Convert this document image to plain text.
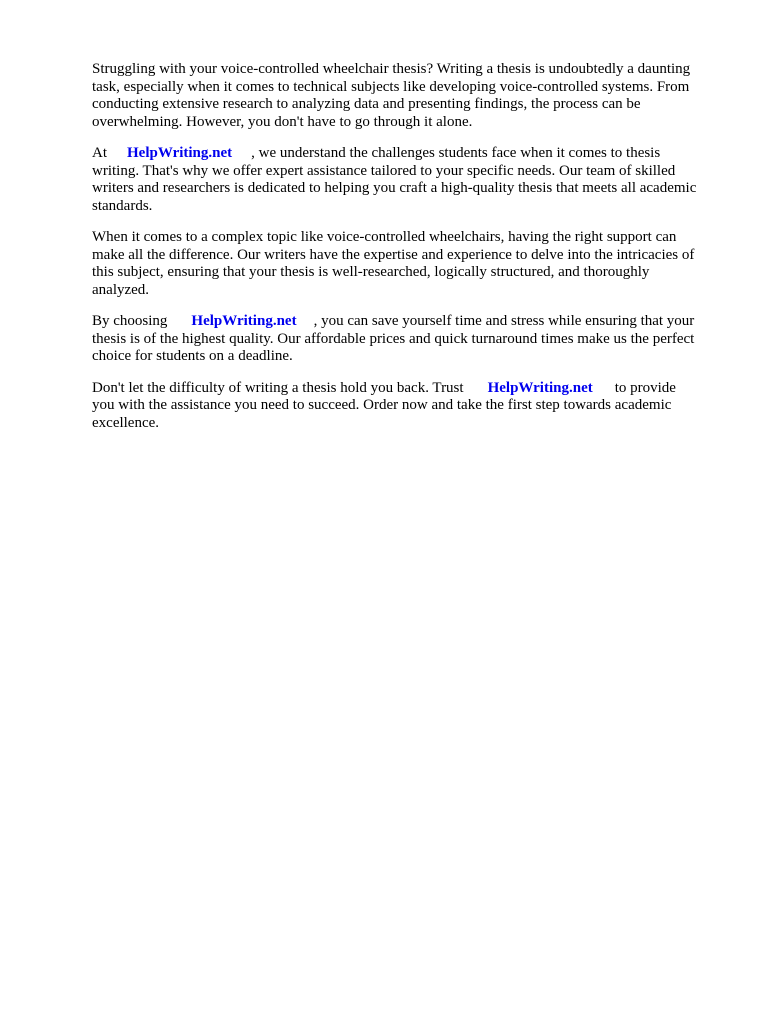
Struggling with your voice-controlled wheelchair thesis? Writing a thesis is undoubtedly a daunting
task, especially when it comes to technical subjects like developing voice-controlled systems. From
conducting extensive research to analyzing data and presenting findings, the process can be
overwhelming. However, you don't have to go through it alone.

At HelpWriting.net , we understand the challenges students face when it comes to thesis
writing. That's why we offer expert assistance tailored to your specific needs. Our team of skilled
writers and researchers is dedicated to helping you craft a high-quality thesis that meets all academic
standards.

When it comes to a complex topic like voice-controlled wheelchairs, having the right support can
make all the difference. Our writers have the expertise and experience to delve into the intricacies of
this subject, ensuring that your thesis is well-researched, logically structured, and thoroughly
analyzed.

By choosing HelpWriting.net , you can save yourself time and stress while ensuring that your
thesis is of the highest quality. Our affordable prices and quick turnaround times make us the perfect
choice for students on a deadline.

Don't let the difficulty of writing a thesis hold you back. Trust HelpWriting.net to provide
you with the assistance you need to succeed. Order now and take the first step towards academic
excellence.
